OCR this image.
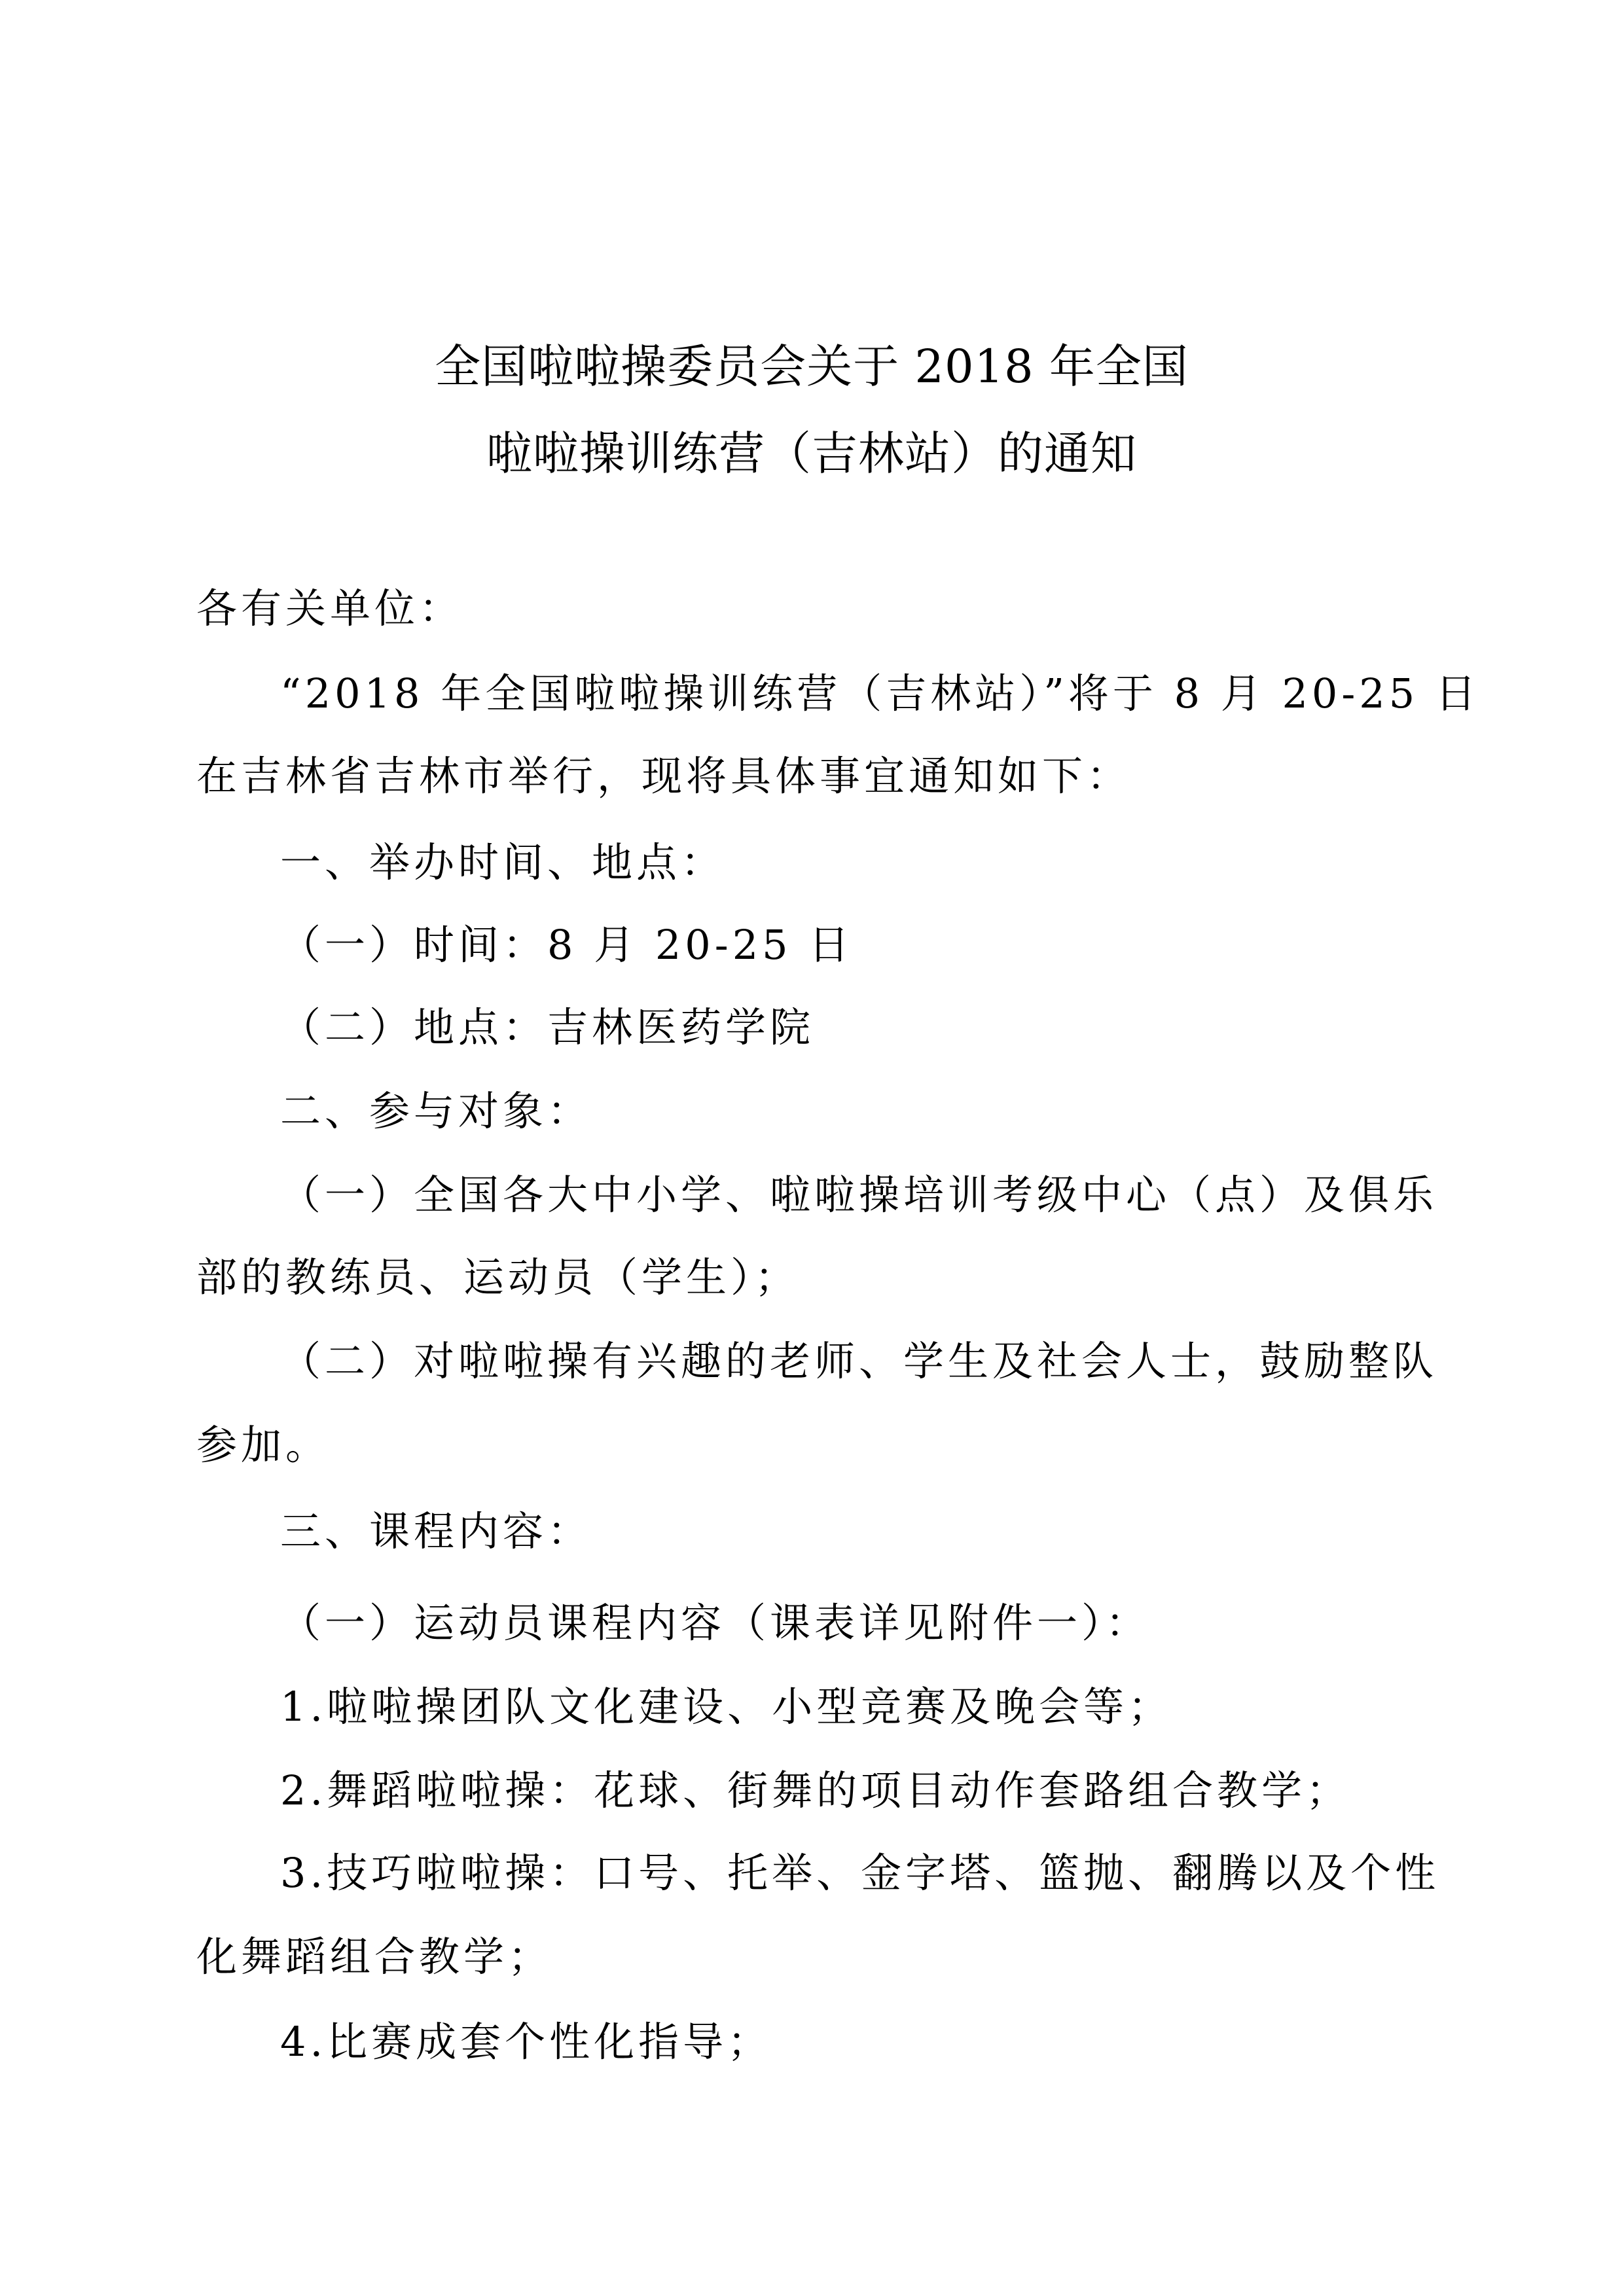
全国啦啦操委员会关于 2018 年全国
啦啦操训练营（吉林站）的通知
各有关单位：
“2018 年全国啦啦操训练营（吉林站）”将于 8 月 20-25 日
在吉林省吉林市举行，现将具体事宜通知如下：
一、举办时间、地点：
（一）时间：8 月 20-25 日
（二）地点：吉林医药学院
二、参与对象：
（一）全国各大中小学、啦啦操培训考级中心（点）及俱乐
部的教练员、运动员（学生）；
（二）对啦啦操有兴趣的老师、学生及社会人士，鼓励整队
参加。
三、课程内容：
（一）运动员课程内容（课表详见附件一）：
1.啦啦操团队文化建设、小型竞赛及晚会等；
2.舞蹈啦啦操：花球、街舞的项目动作套路组合教学；
3.技巧啦啦操：口号、托举、金字塔、篮抛、翻腾以及个性
化舞蹈组合教学；
4.比赛成套个性化指导；
